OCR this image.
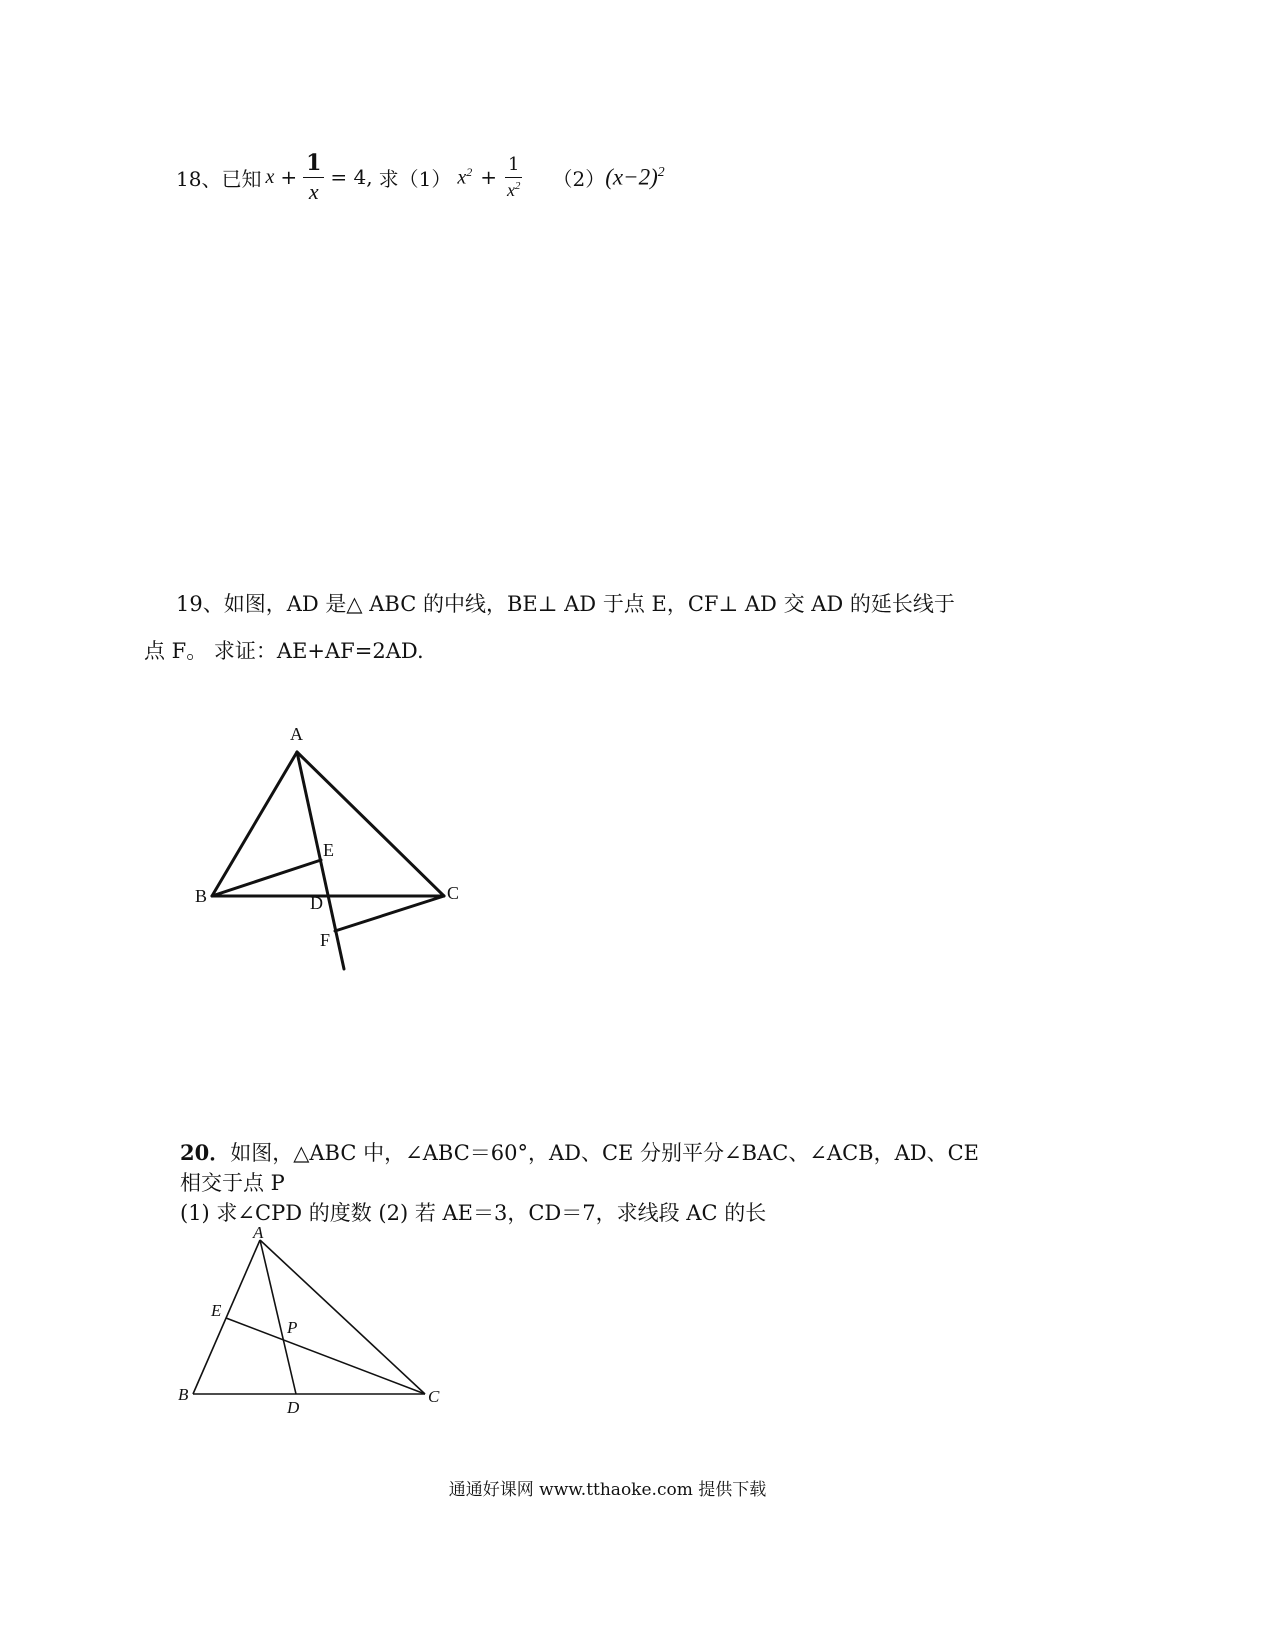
18、 已知 $x + \frac{1}{x} = 4$, 求（1） $x^2 + \frac{1}{x^2} (2)$ $(x-2)^2$
19、如图，AD 是△ ABC 的中线，BE⊥ AD 于点 E，CF⊥ AD 交 AD 的延长线于
点 F。 求证：AE+AF=2AD.
A
B	C
D
E
F
20．如图，△ABC 中，∠ABC＝60°，AD、CE 分别平分∠BAC、∠ACB，AD、CE
相交于点 P
(1) 求∠CPD 的度数 (2) 若 AE＝3，CD＝7，求线段 AC 的长
A
B	C
D
E
P
通通好课网 www.tthaoke.com 提供下载
